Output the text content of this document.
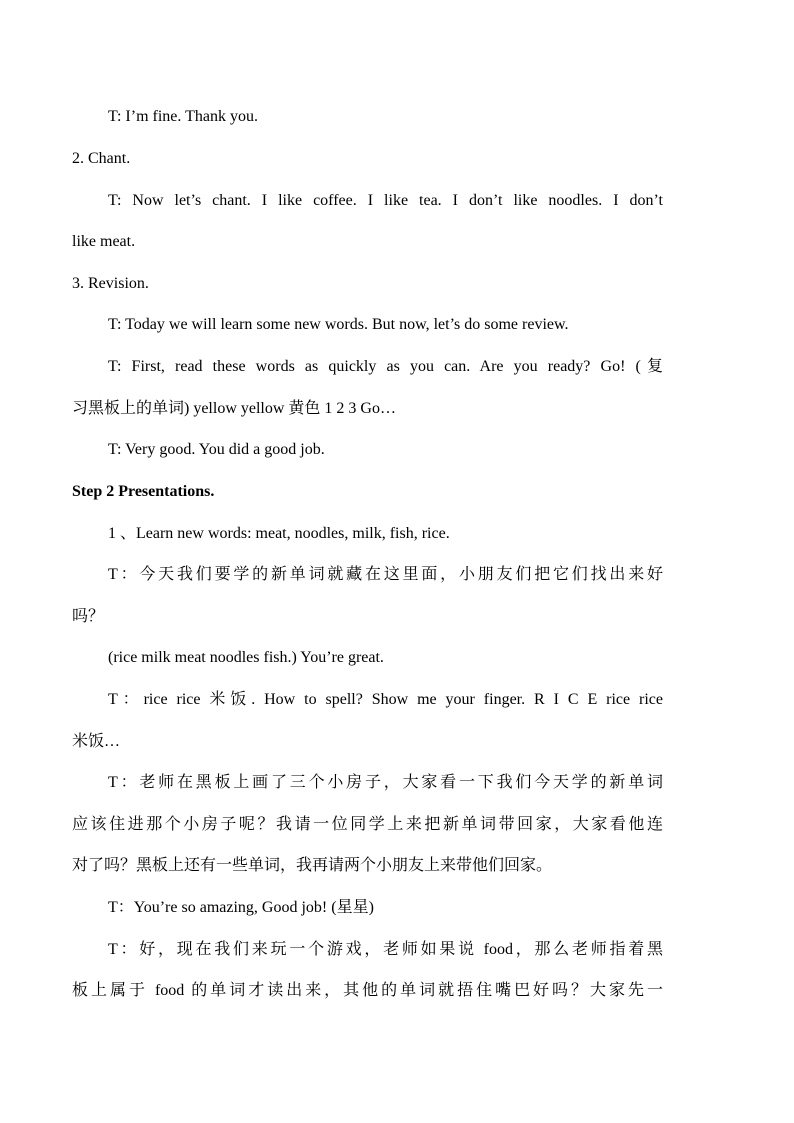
T: I’m fine. Thank you.
2. Chant.
T: Now let’s chant. I like coffee. I like tea. I don’t like noodles. I don’t
like meat.
3. Revision.
T: Today we will learn some new words. But now, let’s do some review.
T: First, read these words as quickly as you can. Are you ready? Go! (复
习黑板上的单词) yellow yellow 黄色 1 2 3 Go…
T: Very good. You did a good job.
Step 2 Presentations.
1 、Learn new words: meat, noodles, milk, fish, rice.
T：今天我们要学的新单词就藏在这里面，小朋友们把它们找出来好
吗？
(rice milk meat noodles fish.) You’re great.
T：rice rice 米饭. How to spell? Show me your finger. R I C E rice rice
米饭…
T：老师在黑板上画了三个小房子，大家看一下我们今天学的新单词
应该住进那个小房子呢？我请一位同学上来把新单词带回家，大家看他连
对了吗？黑板上还有一些单词，我再请两个小朋友上来带他们回家。
T：You’re so amazing, Good job! (星星)
T：好，现在我们来玩一个游戏，老师如果说 food，那么老师指着黑
板上属于 food 的单词才读出来，其他的单词就捂住嘴巴好吗？大家先一
